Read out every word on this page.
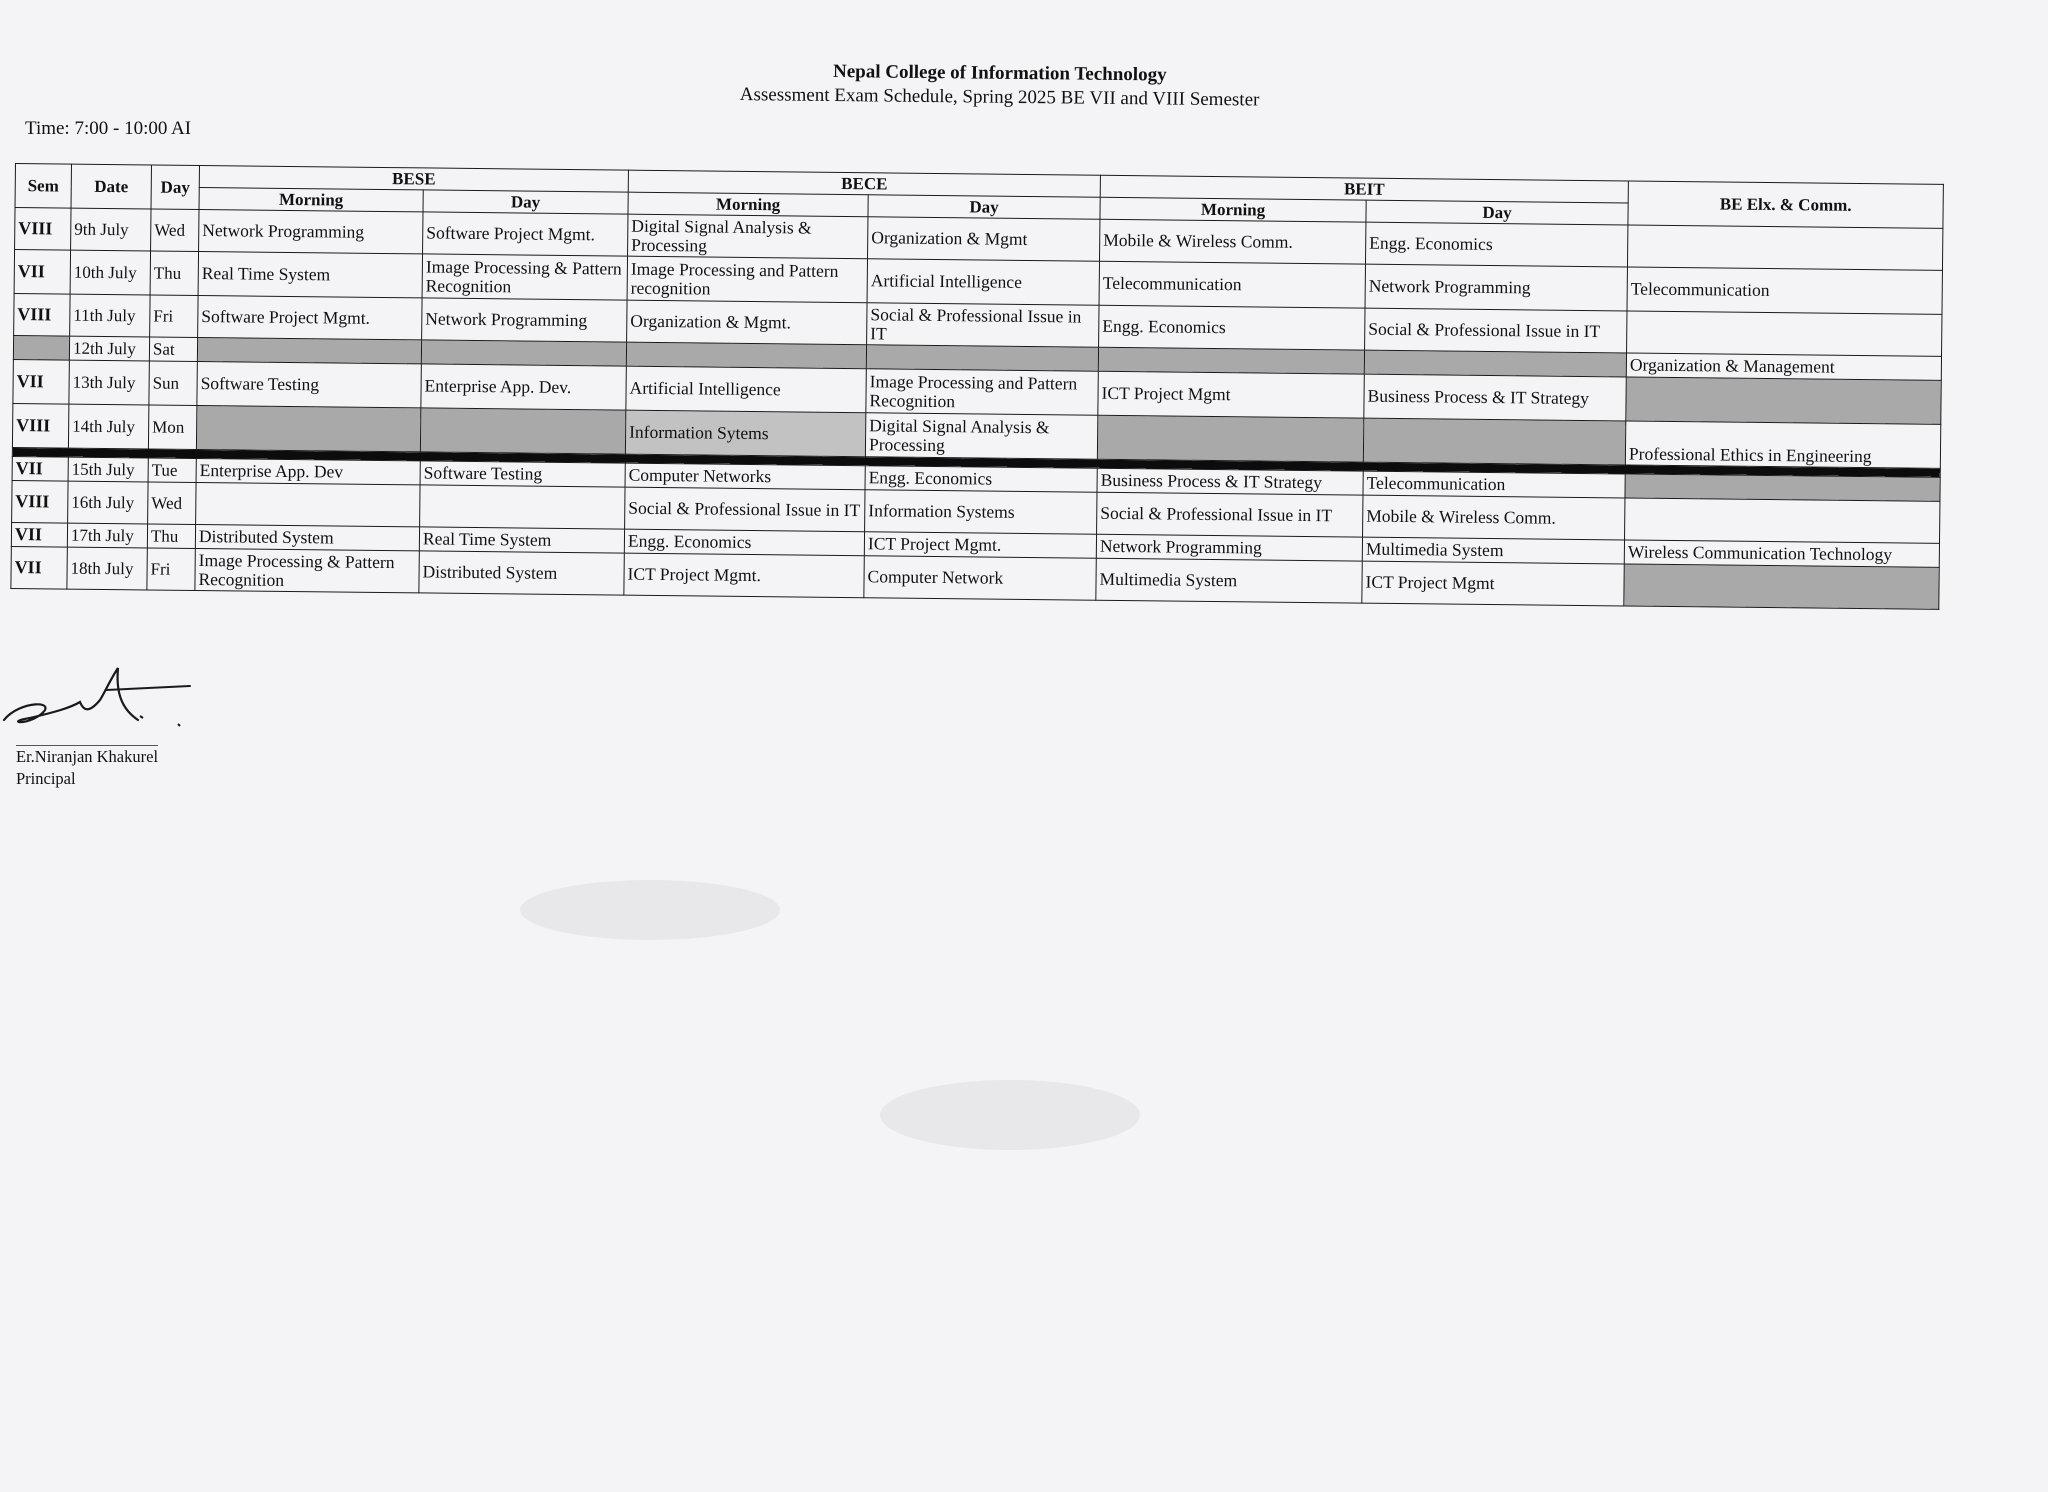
Nepal College of Information Technology
Assessment Exam Schedule, Spring 2025 BE VII and VIII Semester
Time: 7:00 - 10:00 AI
Sem	Date	Day	BESE		BECE		BEIT		BE Elx. & Comm.
			Morning	Day	Morning	Day	Morning	Day	
VIII	9th July	Wed	Network Programming	Software Project Mgmt.	Digital Signal Analysis & Processing	Organization & Mgmt	Mobile & Wireless Comm.	Engg. Economics	
VII	10th July	Thu	Real Time System	Image Processing & Pattern Recognition	Image Processing and Pattern recognition	Artificial Intelligence	Telecommunication	Network Programming	Telecommunication
VIII	11th July	Fri	Software Project Mgmt.	Network Programming	Organization & Mgmt.	Social & Professional Issue in IT	Engg. Economics	Social & Professional Issue in IT	
	12th July	Sat							Organization & Management
VII	13th July	Sun	Software Testing	Enterprise App. Dev.	Artificial Intelligence	Image Processing and Pattern Recognition	ICT Project Mgmt	Business Process & IT Strategy	
VIII	14th July	Mon			Information Sytems	Digital Signal Analysis & Processing			Professional Ethics in Engineering

VII	15th July	Tue	Enterprise App. Dev	Software Testing	Computer Networks	Engg. Economics	Business Process & IT Strategy	Telecommunication	
VIII	16th July	Wed			Social & Professional Issue in IT	Information Systems	Social & Professional Issue in IT	Mobile & Wireless Comm.	
VII	17th July	Thu	Distributed System	Real Time System	Engg. Economics	ICT Project Mgmt.	Network Programming	Multimedia System	Wireless Communication Technology
VII	18th July	Fri	Image Processing & Pattern Recognition	Distributed System	ICT Project Mgmt.	Computer Network	Multimedia System	ICT Project Mgmt	
Er.Niranjan Khakurel
Principal
